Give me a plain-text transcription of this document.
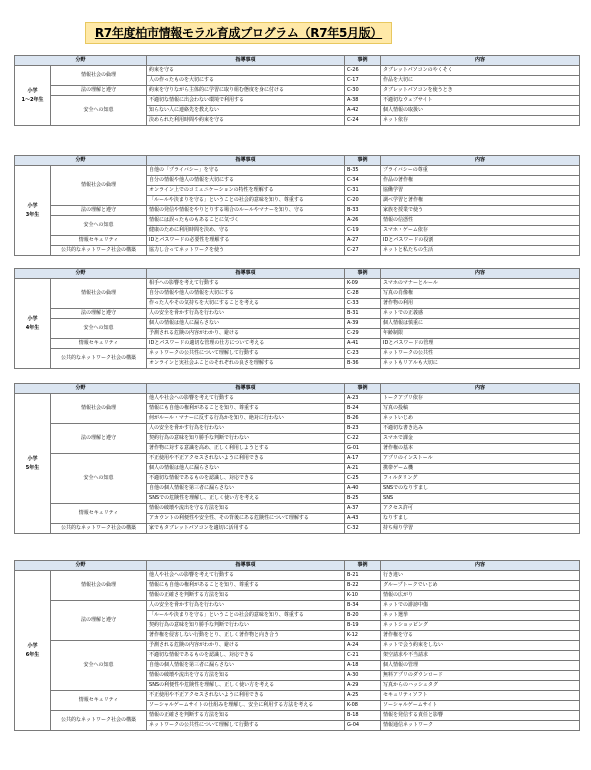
R7年度柏市情報モラル育成プログラム（R7年5月版）
分野		指導事項	事例	内容

小学
1～2年生	情報社会の倫理	約束を守る	C-26	タブレットパソコンのやくそく
		人の作ったものを大切にする	C-17	作品を大切に
	法の理解と遵守	約束を守りながら主体的に学習に取り組む態度を身に付ける	C-30	タブレットパソコンを使うとき
	安全への知恵	不適切な情報に出会わない環境で利用する	A-38	不適切なウェブサイト
		知らない人に連絡先を教えない	A-42	個人情報の取扱い
		決められた利用時間や約束を守る	C-24	ネット依存
分野		指導事項	事例	内容

小学
3年生	情報社会の倫理	自他の「プライバシー」を守る	B-35	プライバシーの尊重
		自分の情報や他人の情報を大切にする	C-34	作品の著作権
		オンライン上でのコミュニケーションの特性を理解する	C-31	協働学習
		「ルールや決まりを守る」ということの社会的意味を知り、尊重する	C-20	調べ学習と著作権
	法の理解と遵守	情報の発信や情報をやりとりする場合のルールやマナーを知り、守る	B-33	家族を授業で使う
	安全への知恵	情報には誤ったものもあることに気づく	A-26	情報の信憑性
		健康のために利用時間を決め、守る	C-19	スマホ・ゲーム依存
	情報セキュリティ	IDとパスワードの必要性を理解する	A-27	IDとパスワードの役割
	公共的なネットワーク社会の構築	協力し合ってネットワークを使う	C-27	ネットと私たちの生活
分野		指導事項	事例	内容

小学
4年生	情報社会の倫理	相手への影響を考えて行動する	K-09	スマホのマナーとルール
		自分の情報や他人の情報を大切にする	C-28	写真の肖像権
		作った人やその気持ちを大切にすることを考える	C-33	著作物の利用
	法の理解と遵守	人の安全を脅かす行為を行わない	B-31	ネットでの正義感
	安全への知恵	個人の情報は他人に漏らさない	A-39	個人情報は慎重に
		予測される危険の内容がわかり、避ける	C-29	年齢制限
	情報セキュリティ	IDとパスワードの適切な管理の仕方について考える	A-41	IDとパスワードの管理
	公共的なネットワーク社会の構築	ネットワークの公共性について理解して行動する	C-23	ネットワークの公共性
		オンラインと実社会ふことのそれぞれの良さを理解する	B-36	ネットもリアルも大切に
分野		指導事項	事例	内容

小学
5年生	情報社会の倫理	他人や社会への影響を考えて行動する	A-23	トークアプリ依存
		情報にも自他の権利があることを知り、尊重する	B-24	写真の投稿
		何がルール・マナーに反する行為かを知り、絶対に行わない	B-26	ネットいじめ
	法の理解と遵守	人の安全を脅かす行為を行わない	B-23	不適切な書き込み
		契約行為の意味を知り勝手な判断で行わない	C-22	スマホで課金
		著作物に対する意識を高め、正しく利用しようとする	G-01	著作権の基本
	安全への知恵	不正使用や不正アクセスされないように利用できる	A-17	アプリのインストール
		個人の情報は他人に漏らさない	A-21	携帯ゲーム機
		不適切な情報であるものを認識し、対応できる	C-25	フィルタリング
		自他の個人情報を第三者に漏らさない	A-40	SNSでのなりすまし
		SNSでの危険性を理解し、正しく使い方を考える	B-25	SNS
	情報セキュリティ	情報の破壊や流出を守る方法を知る	A-37	アクセス許可
		アカウントの利便性や安全性、その背後にある危険性について理解する	A-43	なりすまし
	公共的なネットワーク社会の構築	家でもタブレットパソコンを適切に活用する	C-32	持ち帰り学習
分野		指導事項	事例	内容

小学
6年生	情報社会の倫理	他人や社会への影響を考えて行動する	B-21	行き違い
		情報にも自他の権利があることを知り、尊重する	B-22	グループトークでいじめ
		情報の正確さを判断する方法を知る	K-10	情報の広がり
	法の理解と遵守	人の安全を脅かす行為を行わない	B-34	ネットでの誹謗中傷
		「ルールや決まりを守る」ということの社会的意味を知り、尊重する	B-20	ネット選挙
		契約行為の意味を知り勝手な判断で行わない	B-19	ネットショッピング
		著作権を侵害しない行動をとり、正しく著作物と向き合う	K-12	著作権を守る
	安全への知恵	予測される危険の内容がわかり、避ける	A-24	ネットで会う約束をしない
		不適切な情報であるものを認識し、対応できる	C-21	架空請求や不当請求
		自他の個人情報を第三者に漏らさない	A-18	個人情報の管理
		情報の破壊や流出を守る方法を知る	A-30	無料アプリのダウンロード
		SNSの利便性や危険性を理解し、正しく使い方を考える	A-29	写真からのハッシュタグ
	情報セキュリティ	不正使用や不正アクセスされないように利用できる	A-25	セキュリティソフト
		ソーシャルゲームサイトの仕組みを理解し、安全に利用する方法を考える	K-08	ソーシャルゲームサイト
	公共的なネットワーク社会の構築	情報の正確さを判断する方法を知る	B-18	情報を発信する責任と影響
		ネットワークの公共性について理解して行動する	G-04	情報通信ネットワーク
